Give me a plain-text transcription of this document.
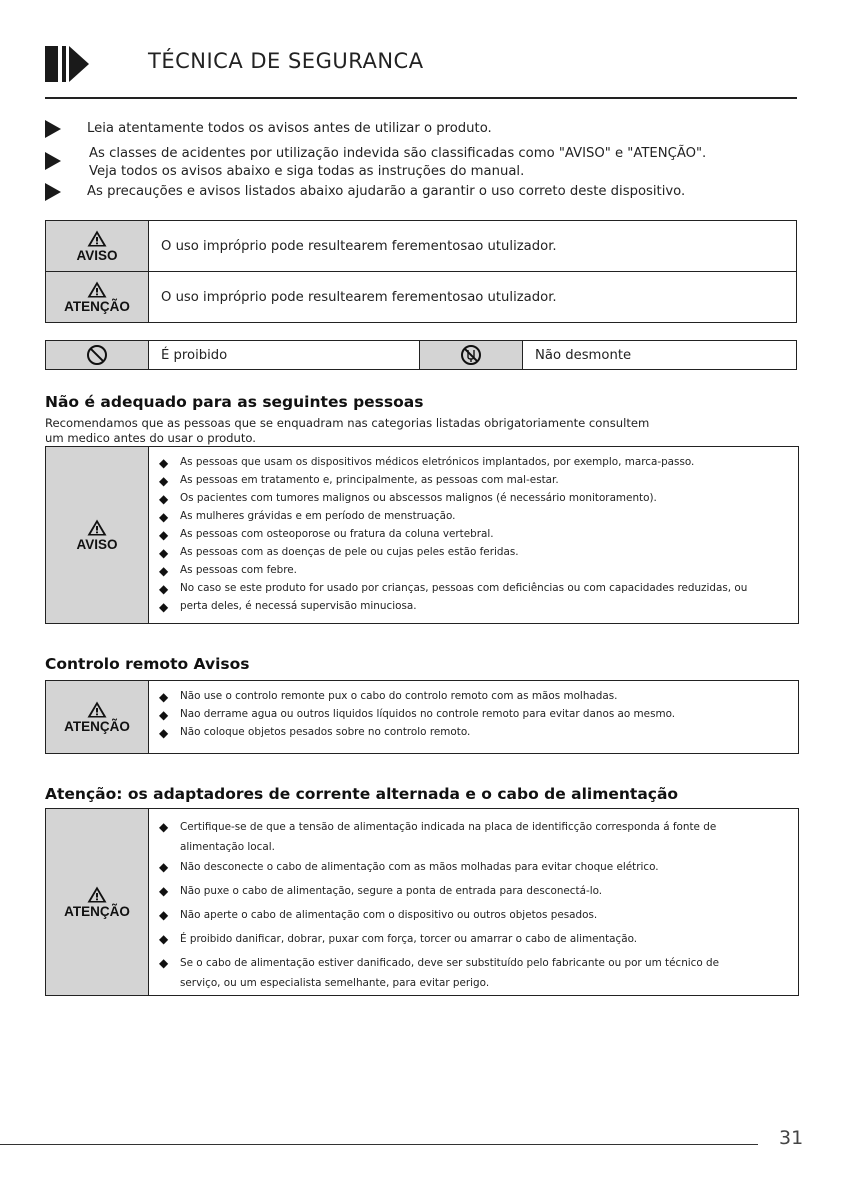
TÉCNICA DE SEGURANCA
Leia atentamente todos os avisos antes de utilizar o produto.
As classes de acidentes por utilização indevida são classificadas como "AVISO" e "ATENÇÃO".
Veja todos os avisos abaixo e siga todas as instruções do manual.
As precauções e avisos listados abaixo ajudarão a garantir o uso correto deste dispositivo.
AVISO	O uso impróprio pode resultearem ferementosao utulizador.

ATENÇÃO	O uso impróprio pode resultearem ferementosao utulizador.
	É proibido		Não desmonte
Não é adequado para as seguintes pessoas
Recomendamos que as pessoas que se enquadram nas categorias listadas obrigatoriamente consultem
um medico antes do usar o produto.
AVISO
◆ As pessoas que usam os dispositivos médicos eletrónicos implantados, por exemplo, marca-passo.
◆ As pessoas em tratamento e, principalmente, as pessoas com mal-estar.
◆ Os pacientes com tumores malignos ou abscessos malignos (é necessário monitoramento).
◆ As mulheres grávidas e em período de menstruação.
◆ As pessoas com osteoporose ou fratura da coluna vertebral.
◆ As pessoas com as doenças de pele ou cujas peles estão feridas.
◆ As pessoas com febre.
◆ No caso se este produto for usado por crianças, pessoas com deficiências ou com capacidades reduzidas, ou
◆ perta deles, é necessá supervisão minuciosa.
Controlo remoto Avisos
ATENÇÃO
◆ Não use o controlo remonte pux o cabo do controlo remoto com as mãos molhadas.
◆ Nao derrame agua ou outros liquidos líquidos no controle remoto para evitar danos ao mesmo.
◆ Não coloque objetos pesados sobre no controlo remoto.
Atenção: os adaptadores de corrente alternada e o cabo de alimentação
ATENÇÃO
◆ Certifique-se de que a tensão de alimentação indicada na placa de identificção corresponda á fonte de
alimentação local.
◆ Não desconecte o cabo de alimentação com as mãos molhadas para evitar choque elétrico.
◆ Não puxe o cabo de alimentação, segure a ponta de entrada para desconectá-lo.
◆ Não aperte o cabo de alimentação com o dispositivo ou outros objetos pesados.
◆ É proibido danificar, dobrar, puxar com força, torcer ou amarrar o cabo de alimentação.
◆ Se o cabo de alimentação estiver danificado, deve ser substituído pelo fabricante ou por um técnico de
serviço, ou um especialista semelhante, para evitar perigo.
31
